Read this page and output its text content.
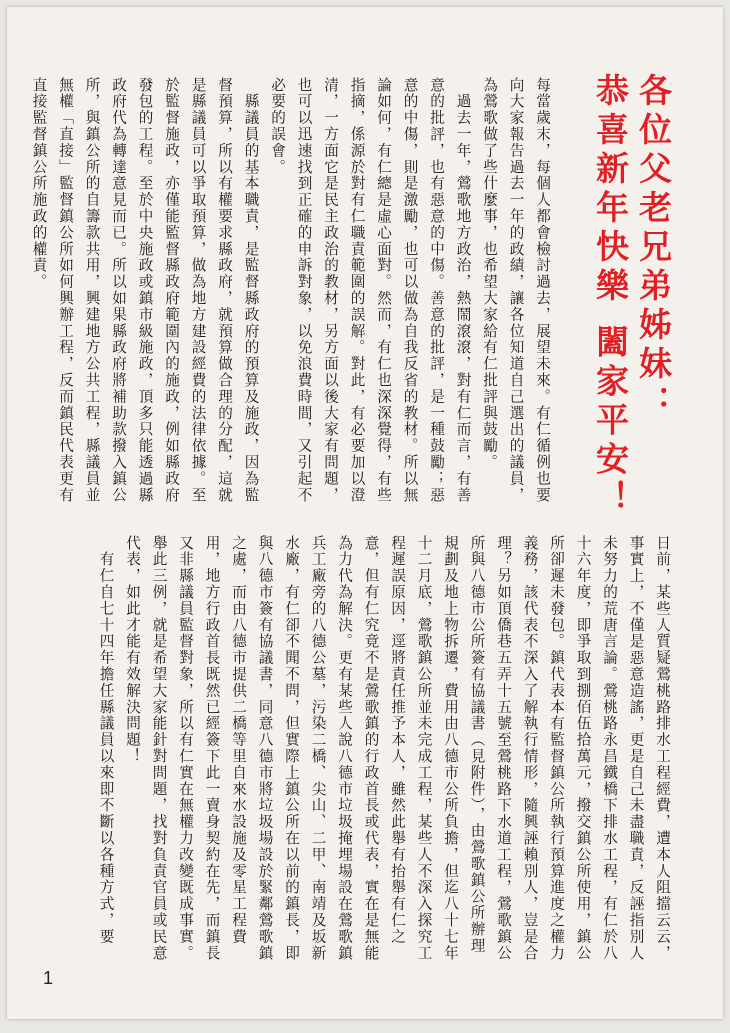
各位父老兄弟姊妹：
恭喜新年快樂 闔家平安！
每當歲末，每個人都會檢討過去，展望未來。有仁循例也要向大家報告過去一年的政績，讓各位知道自己選出的議員，為鶯歌做了些什麼事，也希望大家給有仁批評與鼓勵。
　過去一年，鶯歌地方政治，熱鬧滾滾，對有仁而言，有善意的批評，也有惡意的中傷。善意的批評，是一種鼓勵；惡意的中傷，則是激勵，也可以做為自我反省的教材。所以無論如何，有仁總是虛心面對。然而，有仁也深深覺得，有些指摘，係源於對有仁職責範圍的誤解。對此，有必要加以澄清，一方面它是民主政治的教材，另方面以後大家有問題，也可以迅速找到正確的申訴對象，以免浪費時間，又引起不必要的誤會。
　縣議員的基本職責，是監督縣政府的預算及施政，因為監督預算，所以有權要求縣政府，就預算做合理的分配，這就是縣議員可以爭取預算，做為地方建設經費的法律依據。至於監督施政，亦僅能監督縣政府範圍內的施政，例如縣政府發包的工程。至於中央施政或鎮市級施政，頂多只能透過縣政府代為轉達意見而已。所以如果縣政府將補助款撥入鎮公所，與鎮公所的自籌款共用，興建地方公共工程，縣議員並無權「直接」監督鎮公所如何興辦工程，反而鎮民代表更有直接監督鎮公所施政的權責。
日前，某些人質疑鶯桃路排水工程經費，遭本人阻擋云云，事實上，不僅是惡意造謠，更是自己未盡職責，反誣指別人未努力的荒唐言論。鶯桃路永昌鐵橋下排水工程，有仁於八十六年度，即爭取到捌佰伍拾萬元，撥交鎮公所使用，鎮公所卻遲未發包。鎮代表本有監督鎮公所執行預算進度之權力義務，該代表不深入了解執行情形，隨興誣賴別人，豈是合理？另如頂僑巷五弄十五號至鶯桃路下水道工程，鶯歌鎮公所與八德市公所簽有協議書（見附件），由鶯歌鎮公所辦理規劃及地上物拆遷，費用由八德市公所負擔，但迄八十七年十二月底，鶯歌鎮公所並未完成工程，某些人不深入探究工程遲誤原因，逕將責任推予本人，雖然此舉有抬舉有仁之意，但有仁究竟不是鶯歌鎮的行政首長或代表，實在是無能為力代為解決。更有某些人說八德市垃圾掩埋場設在鶯歌鎮兵工廠旁的八德公墓，污染二橋、尖山、二甲、南靖及坂新水廠，有仁卻不聞不問，但實際上鎮公所在以前的鎮長，即與八德市簽有協議書，同意八德市將垃圾場設於緊鄰鶯歌鎮之處，而由八德市提供二橋等里自來水設施及零星工程費用，地方行政首長既然已經簽下此一賣身契約在先，而鎮長又非縣議員監督對象，所以有仁實在無權力改變既成事實。舉此三例，就是希望大家能針對問題，找對負責官員或民意代表，如此才能有效解決問題！
　有仁自七十四年擔任縣議員以來即不斷以各種方式，要
1
